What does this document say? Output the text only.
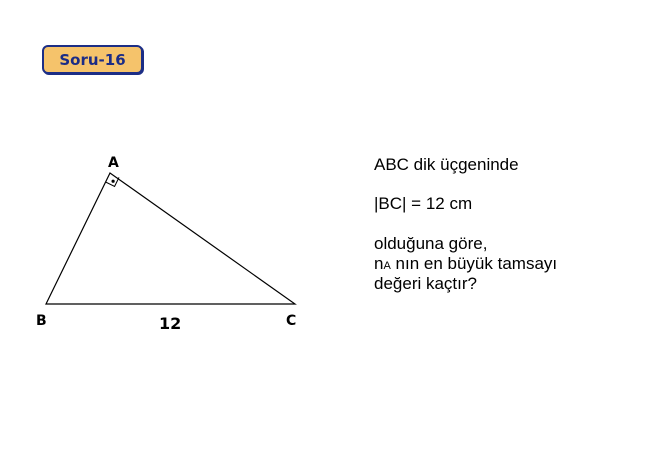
Soru-16
A
B	C
12
ABC dik üçgeninde
|BC| = 12 cm
olduğuna göre,
nA nın en büyük tamsayı
değeri kaçtır?
